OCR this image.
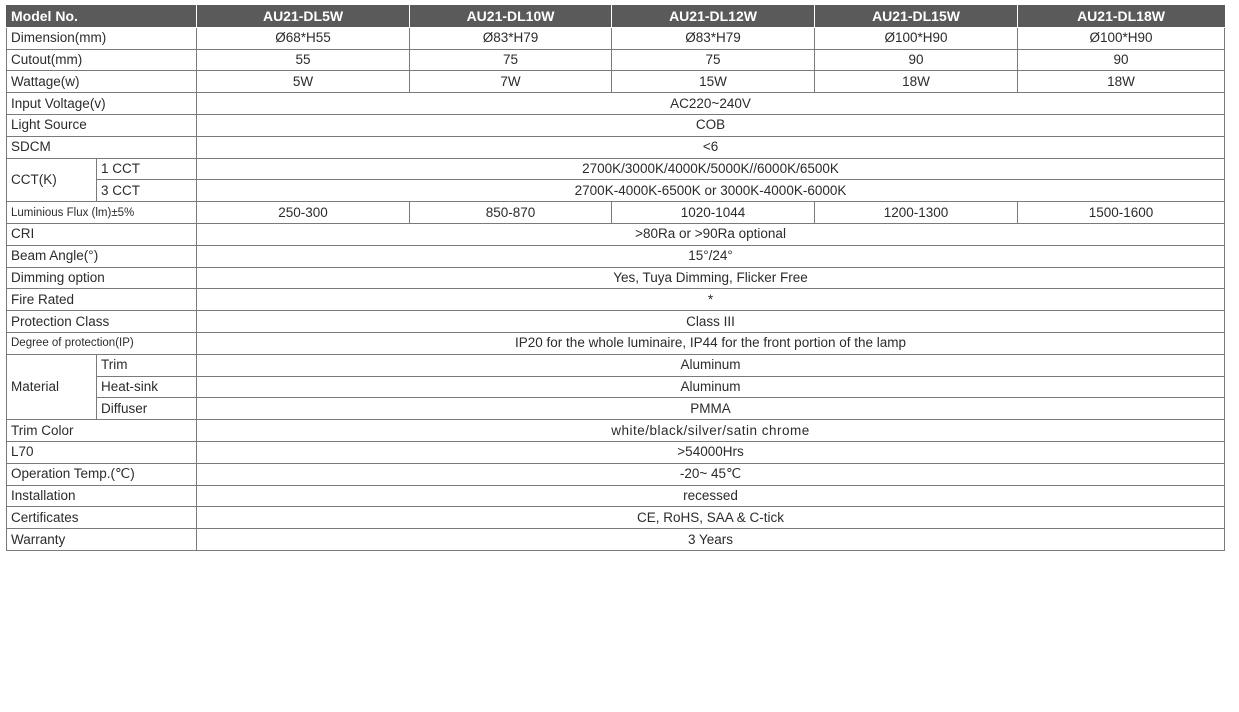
Model No.		AU21-DL5W	AU21-DL10W	AU21-DL12W	AU21-DL15W	AU21-DL18W
Dimension(mm)		Ø68*H55	Ø83*H79	Ø83*H79	Ø100*H90	Ø100*H90
Cutout(mm)		55	75	75	90	90
Wattage(w)		5W	7W	15W	18W	18W
Input Voltage(v)		AC220~240V				
Light Source		COB				
SDCM		<6				
CCT(K)	1 CCT	2700K/3000K/4000K/5000K//6000K/6500K				
	3 CCT	2700K-4000K-6500K or 3000K-4000K-6000K				
Luminious Flux (lm)±5%		250-300	850-870	1020-1044	1200-1300	1500-1600
CRI		>80Ra or >90Ra optional				
Beam Angle(°)		15°/24°				
Dimming option		Yes, Tuya Dimming, Flicker Free				
Fire Rated		*				
Protection Class		Class III				
Degree of protection(IP)		IP20 for the whole luminaire, IP44 for the front portion of the lamp				
Material	Trim	Aluminum				
	Heat-sink	Aluminum				
	Diffuser	PMMA				
Trim Color		white/black/silver/satin chrome				
L70		>54000Hrs				
Operation Temp.(℃)		-20~ 45℃				
Installation		recessed				
Certificates		CE, RoHS, SAA & C-tick				
Warranty		3 Years				
